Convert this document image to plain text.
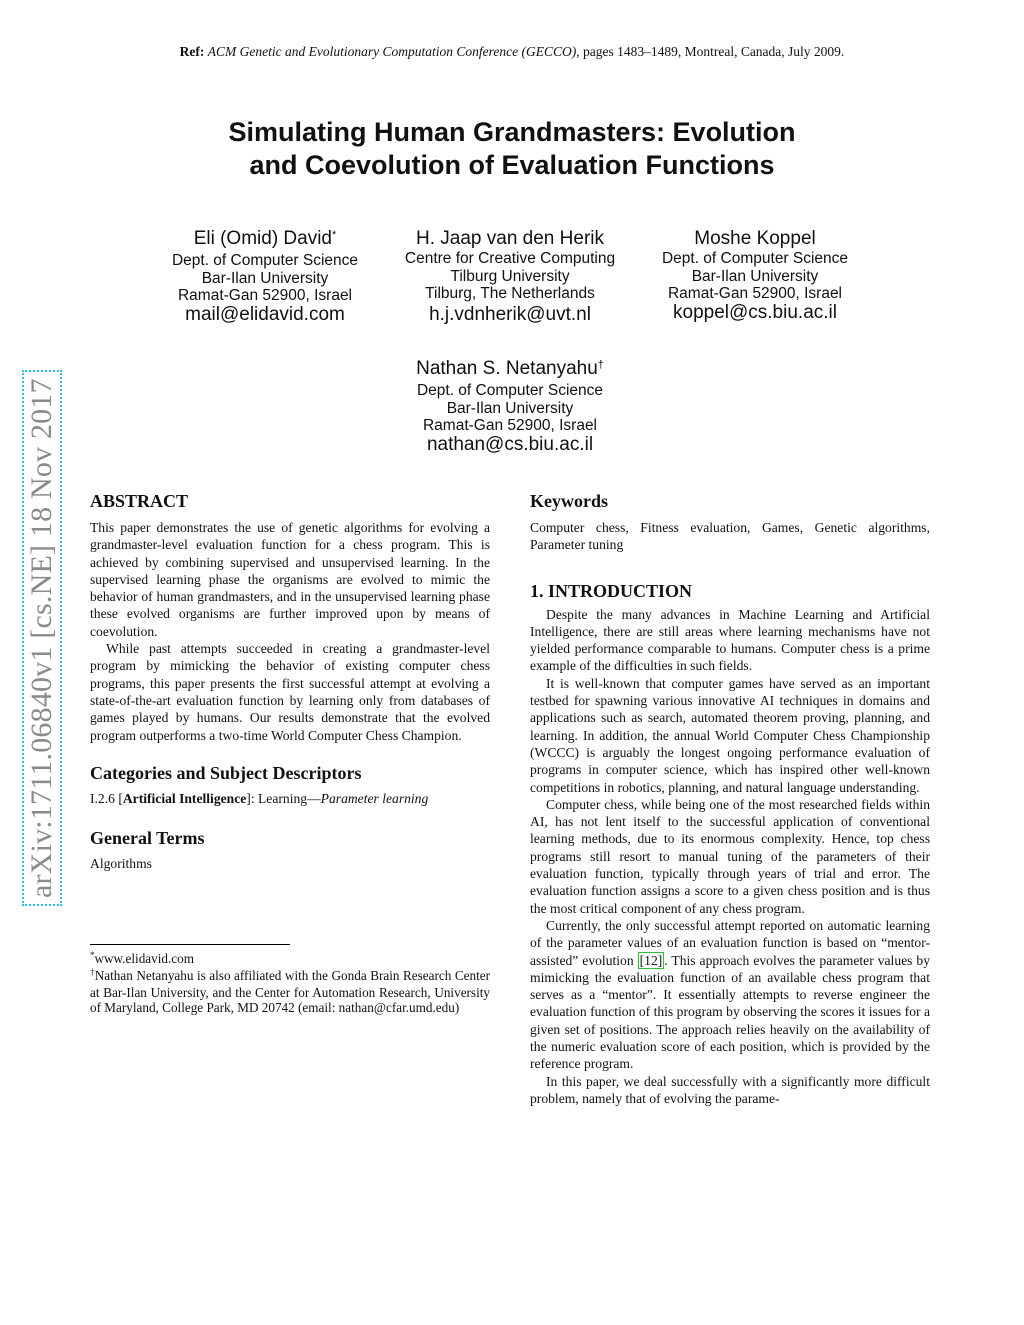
Ref: ACM Genetic and Evolutionary Computation Conference (GECCO), pages 1483–1489, Montreal, Canada, July 2009.
Simulating Human Grandmasters: Evolution
and Coevolution of Evaluation Functions
Eli (Omid) David*
Dept. of Computer Science
Bar-Ilan University
Ramat-Gan 52900, Israel
mail@elidavid.com
H. Jaap van den Herik
Centre for Creative Computing
Tilburg University
Tilburg, The Netherlands
h.j.vdnherik@uvt.nl
Moshe Koppel
Dept. of Computer Science
Bar-Ilan University
Ramat-Gan 52900, Israel
koppel@cs.biu.ac.il
Nathan S. Netanyahu†
Dept. of Computer Science
Bar-Ilan University
Ramat-Gan 52900, Israel
nathan@cs.biu.ac.il
arXiv:1711.06840v1 [cs.NE] 18 Nov 2017 ABSTRACT

This paper demonstrates the use of genetic algorithms for evolving a grandmaster-level evaluation function for a chess program. This is achieved by combining supervised and unsupervised learning. In the supervised learning phase the organisms are evolved to mimic the behavior of human grandmasters, and in the unsupervised learning phase these evolved organisms are further improved upon by means of coevolution.

While past attempts succeeded in creating a grandmaster-level program by mimicking the behavior of existing computer chess programs, this paper presents the first successful attempt at evolving a state-of-the-art evaluation function by learning only from databases of games played by humans. Our results demonstrate that the evolved program outperforms a two-time World Computer Chess Champion.

Categories and Subject Descriptors

I.2.6 [Artificial Intelligence]: Learning—Parameter learning

General Terms

Algorithms

*www.elidavid.com
†Nathan Netanyahu is also affiliated with the Gonda Brain Research Center at Bar-Ilan University, and the Center for Automation Research, University of Maryland, College Park, MD 20742 (email: nathan@cfar.umd.edu)
Keywords

Computer chess, Fitness evaluation, Games, Genetic algorithms, Parameter tuning

1. INTRODUCTION

Despite the many advances in Machine Learning and Artificial Intelligence, there are still areas where learning mechanisms have not yielded performance comparable to humans. Computer chess is a prime example of the difficulties in such fields.

It is well-known that computer games have served as an important testbed for spawning various innovative AI techniques in domains and applications such as search, automated theorem proving, planning, and learning. In addition, the annual World Computer Chess Championship (WCCC) is arguably the longest ongoing performance evaluation of programs in computer science, which has inspired other well-known competitions in robotics, planning, and natural language understanding.

Computer chess, while being one of the most researched fields within AI, has not lent itself to the successful application of conventional learning methods, due to its enormous complexity. Hence, top chess programs still resort to manual tuning of the parameters of their evaluation function, typically through years of trial and error. The evaluation function assigns a score to a given chess position and is thus the most critical component of any chess program.

Currently, the only successful attempt reported on automatic learning of the parameter values of an evaluation function is based on “mentor-assisted” evolution [12] . This approach evolves the parameter values by mimicking the evaluation function of an available chess program that serves as a “mentor”. It essentially attempts to reverse engineer the evaluation function of this program by observing the scores it issues for a given set of positions. The approach relies heavily on the availability of the numeric evaluation score of each position, which is provided by the reference program.

In this paper, we deal successfully with a significantly more difficult problem, namely that of evolving the parame-
